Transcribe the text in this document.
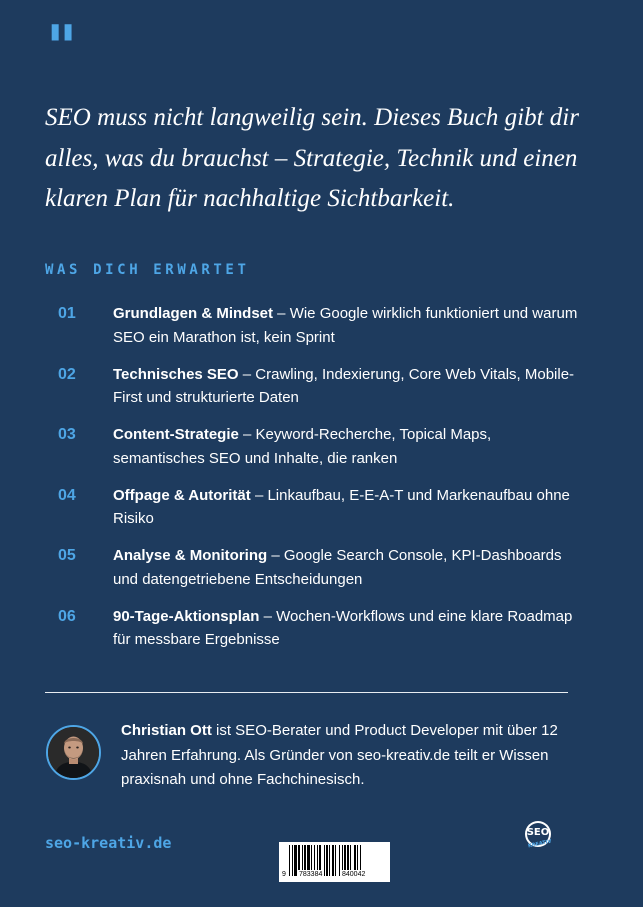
"
SEO muss nicht langweilig sein. Dieses Buch gibt dir alles, was du brauchst – Strategie, Technik und einen klaren Plan für nachhaltige Sichtbarkeit.
WAS DICH ERWARTET
01	Grundlagen & Mindset – Wie Google wirklich funktioniert und warum SEO ein Marathon ist, kein Sprint
02	Technisches SEO – Crawling, Indexierung, Core Web Vitals, Mobile-First und strukturierte Daten
03	Content-Strategie – Keyword-Recherche, Topical Maps, semantisches SEO und Inhalte, die ranken
04	Offpage & Autorität – Linkaufbau, E-E-A-T und Markenaufbau ohne Risiko
05	Analyse & Monitoring – Google Search Console, KPI-Dashboards und datengetriebene Entscheidungen
06	90-Tage-Aktionsplan – Wochen-Workflows und eine klare Roadmap für messbare Ergebnisse
Christian Ott ist SEO-Berater und Product Developer mit über 12 Jahren Erfahrung. Als Gründer von seo-kreativ.de teilt er Wissen praxisnah und ohne Fachchinesisch.
seo-kreativ.de
9 783384	840042
SEO
KREATIV
